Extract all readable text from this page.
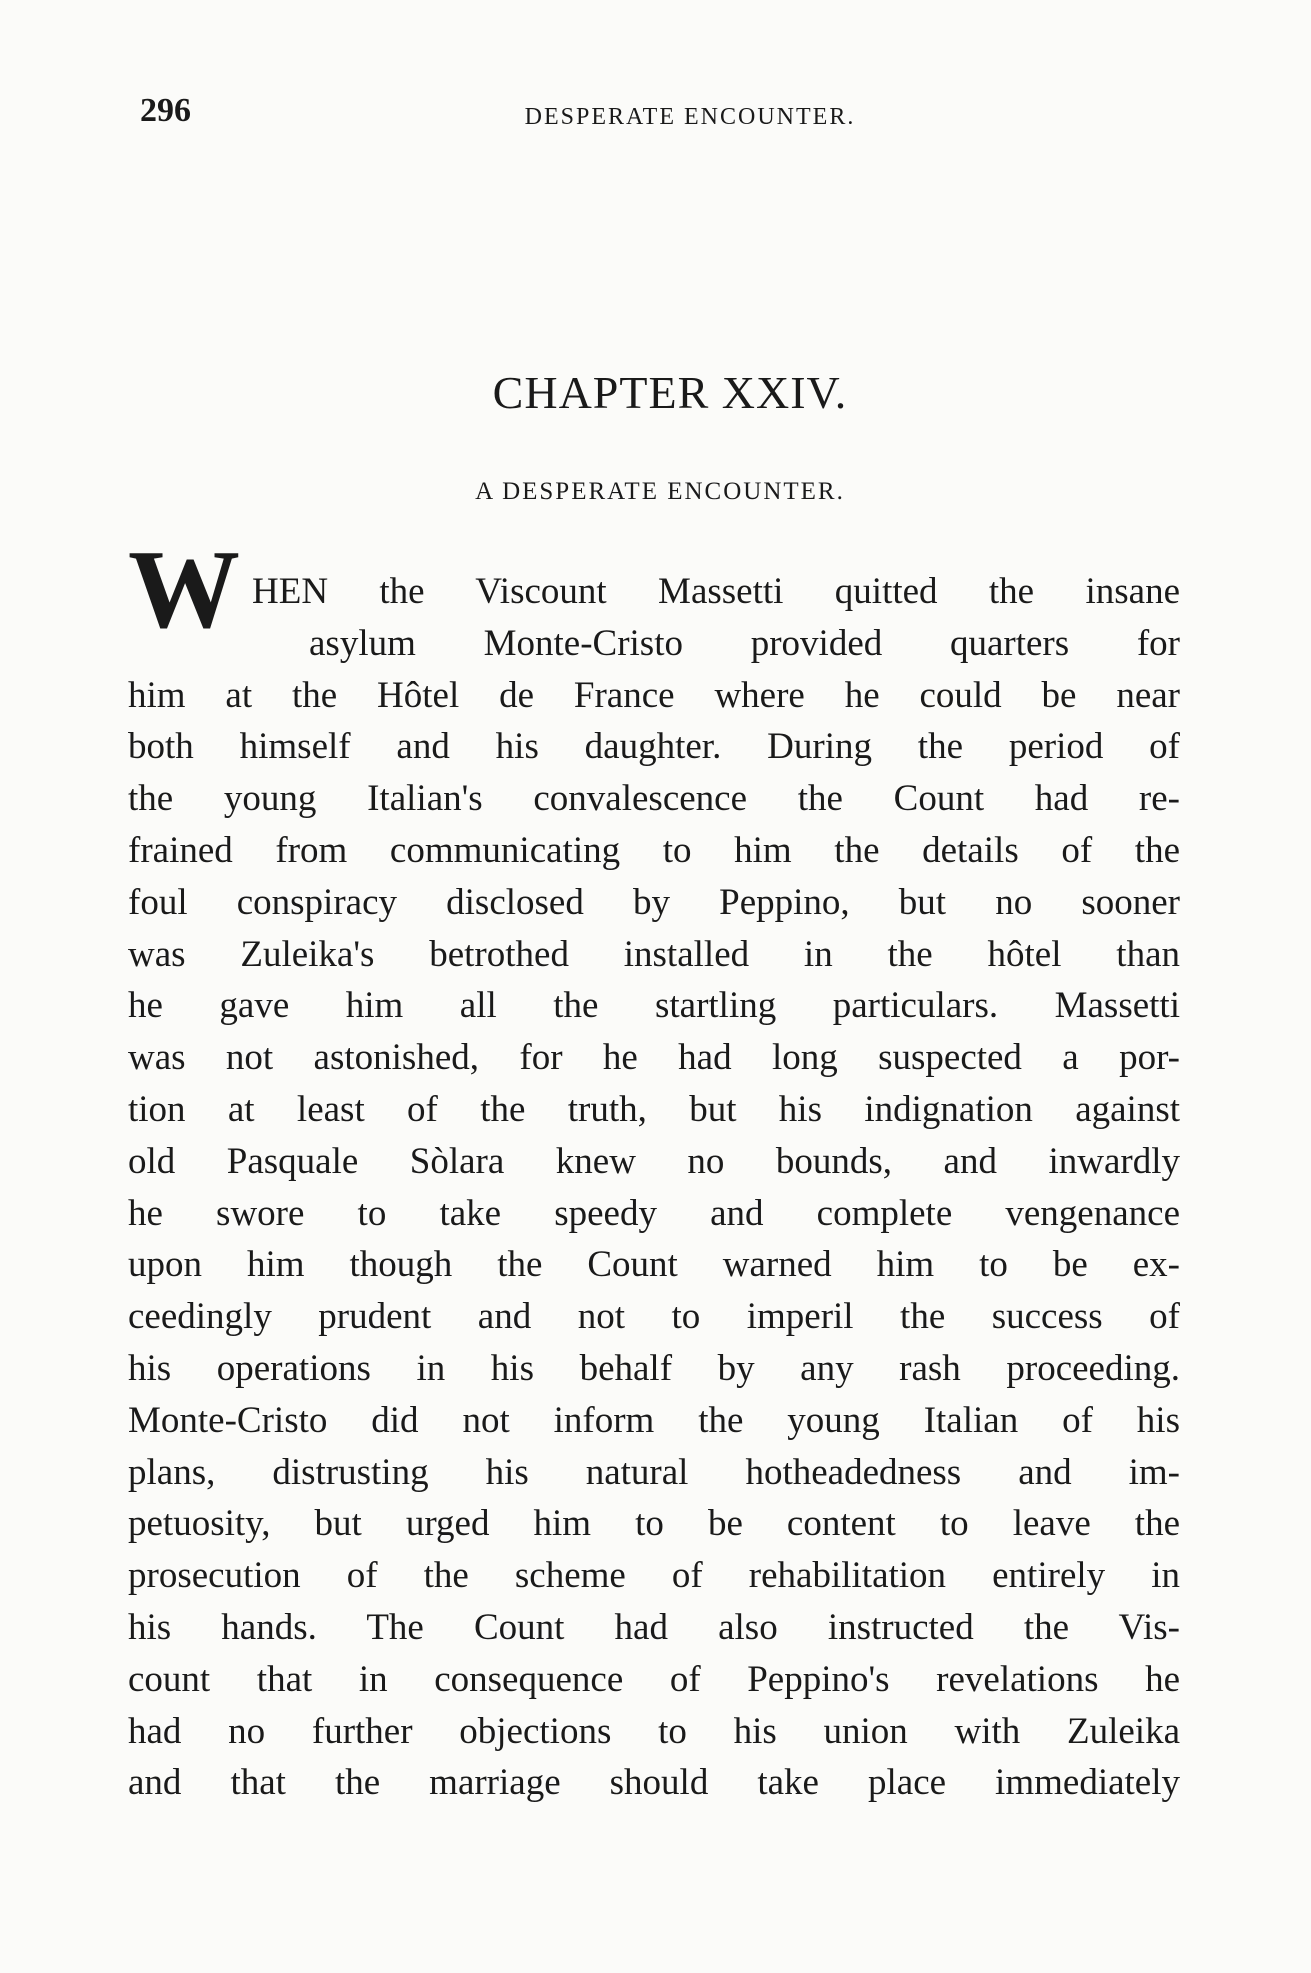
296	DESPERATE ENCOUNTER.
CHAPTER XXIV.
A DESPERATE ENCOUNTER.
W HEN the Viscount Massetti quitted the insane
asylum Monte-Cristo provided quarters for
him at the Hôtel de France where he could be near
both himself and his daughter. During the period of
the young Italian's convalescence the Count had re-
frained from communicating to him the details of the
foul conspiracy disclosed by Peppino, but no sooner
was Zuleika's betrothed installed in the hôtel than
he gave him all the startling particulars. Massetti
was not astonished, for he had long suspected a por-
tion at least of the truth, but his indignation against
old Pasquale Sòlara knew no bounds, and inwardly
he swore to take speedy and complete vengenance
upon him though the Count warned him to be ex-
ceedingly prudent and not to imperil the success of
his operations in his behalf by any rash proceeding.
Monte-Cristo did not inform the young Italian of his
plans, distrusting his natural hotheadedness and im-
petuosity, but urged him to be content to leave the
prosecution of the scheme of rehabilitation entirely in
his hands. The Count had also instructed the Vis-
count that in consequence of Peppino's revelations he
had no further objections to his union with Zuleika
and that the marriage should take place immediately
